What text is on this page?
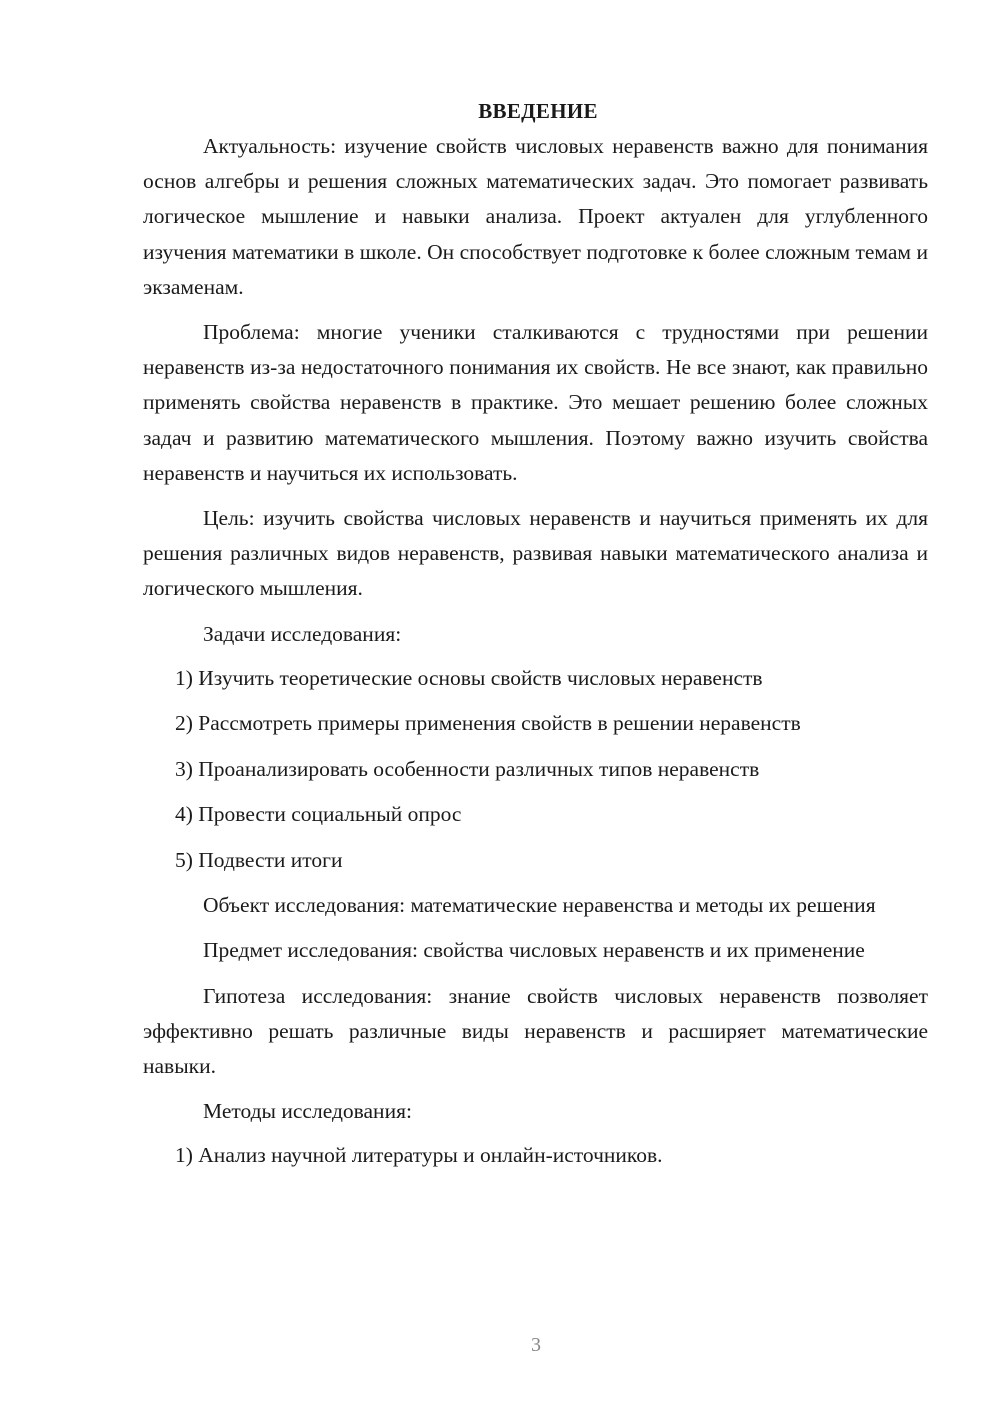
ВВЕДЕНИЕ

Актуальность: изучение свойств числовых неравенств важно для понимания основ алгебры и решения сложных математических задач. Это помогает развивать логическое мышление и навыки анализа. Проект актуален для углубленного изучения математики в школе. Он способствует подготовке к более сложным темам и экзаменам.

Проблема: многие ученики сталкиваются с трудностями при решении неравенств из-за недостаточного понимания их свойств. Не все знают, как правильно применять свойства неравенств в практике. Это мешает решению более сложных задач и развитию математического мышления. Поэтому важно изучить свойства неравенств и научиться их использовать.

Цель: изучить свойства числовых неравенств и научиться применять их для решения различных видов неравенств, развивая навыки математического анализа и логического мышления.

Задачи исследования:
1) Изучить теоретические основы свойств числовых неравенств
2) Рассмотреть примеры применения свойств в решении неравенств
3) Проанализировать особенности различных типов неравенств
4) Провести социальный опрос
5) Подвести итоги

Объект исследования: математические неравенства и методы их решения

Предмет исследования: свойства числовых неравенств и их применение

Гипотеза исследования: знание свойств числовых неравенств позволяет эффективно решать различные виды неравенств и расширяет математические навыки.

Методы исследования:
1) Анализ научной литературы и онлайн-источников.
3
